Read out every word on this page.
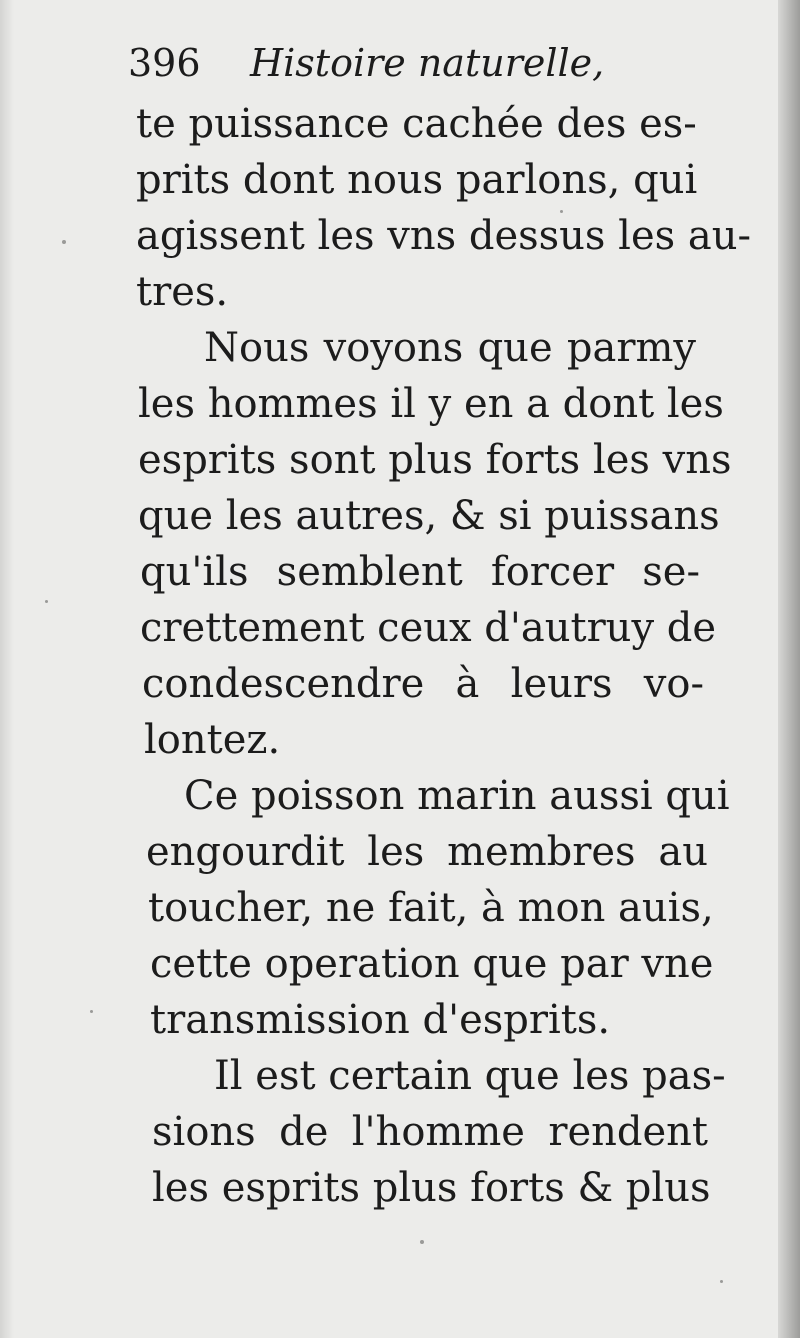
396 Histoire naturelle,
te puissance cachée des es-
prits dont nous parlons, qui
agissent les vns dessus les au-
tres.
Nous voyons que parmy
les hommes il y en a dont les
esprits sont plus forts les vns
que les autres, & si puissans
qu'ils semblent forcer se-
crettement ceux d'autruy de
condescendre à leurs vo-
lontez.
Ce poisson marin aussi qui
engourdit les membres au
toucher, ne fait, à mon auis,
cette operation que par vne
transmission d'esprits.
Il est certain que les pas-
sions de l'homme rendent
les esprits plus forts & plus
